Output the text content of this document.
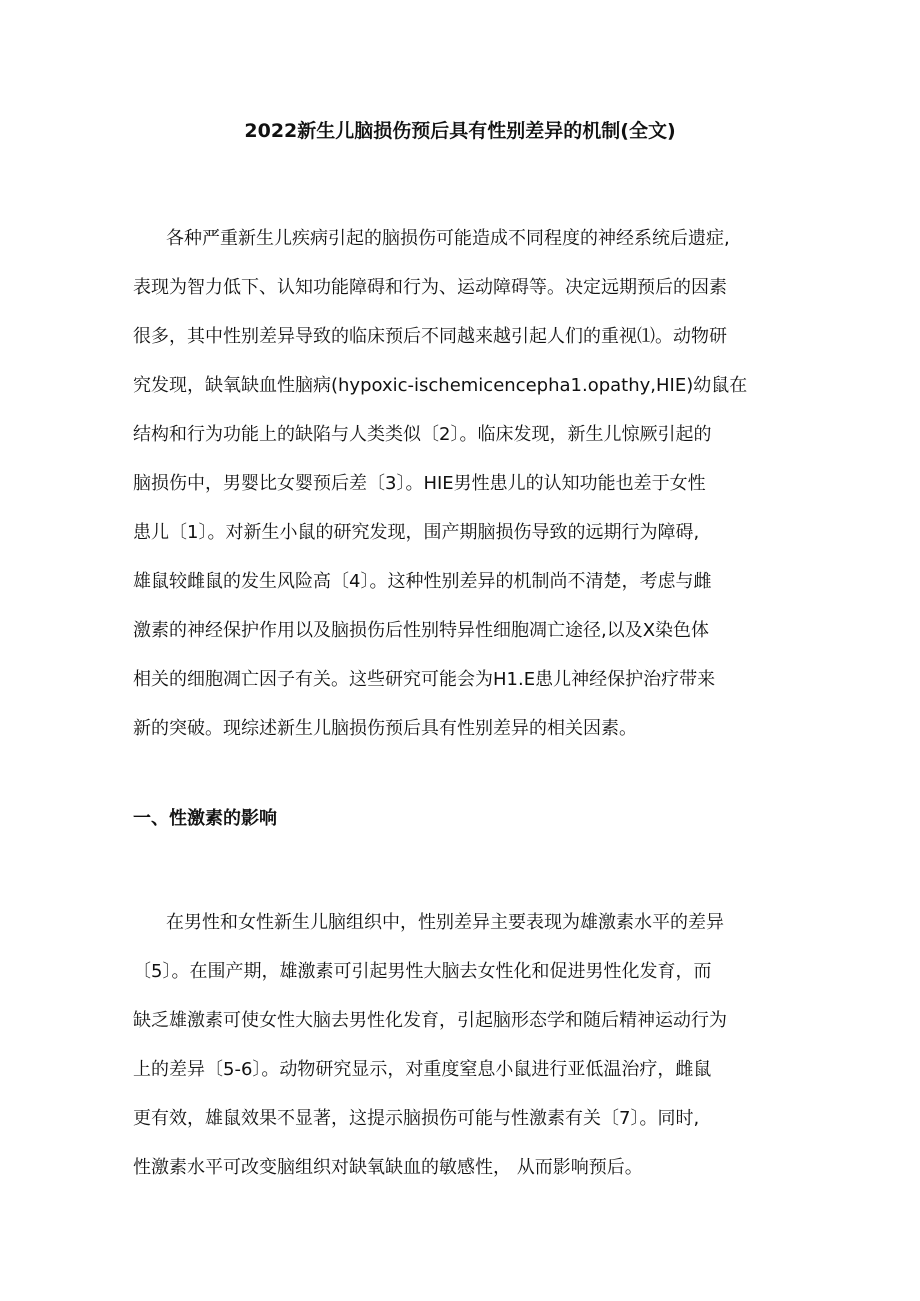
2022新生儿脑损伤预后具有性别差异的机制(全文)
各种严重新生儿疾病引起的脑损伤可能造成不同程度的神经系统后遗症,
表现为智力低下、认知功能障碍和行为、运动障碍等。决定远期预后的因素
很多，其中性别差异导致的临床预后不同越来越引起人们的重视⑴。动物研
究发现，缺氧缺血性脑病(hypoxic-ischemicencepha1.opathy,HIE)幼鼠在
结构和行为功能上的缺陷与人类类似〔2〕。临床发现，新生儿惊厥引起的
脑损伤中，男婴比女婴预后差〔3〕。HIE男性患儿的认知功能也差于女性
患儿〔1〕。对新生小鼠的研究发现，围产期脑损伤导致的远期行为障碍,
雄鼠较雌鼠的发生风险高〔4〕。这种性别差异的机制尚不清楚，考虑与雌
激素的神经保护作用以及脑损伤后性别特异性细胞凋亡途径,以及X染色体
相关的细胞凋亡因子有关。这些研究可能会为H1.E患儿神经保护治疗带来
新的突破。现综述新生儿脑损伤预后具有性别差异的相关因素。
一、性激素的影响
在男性和女性新生儿脑组织中，性别差异主要表现为雄激素水平的差异
〔5〕。在围产期，雄激素可引起男性大脑去女性化和促进男性化发育，而
缺乏雄激素可使女性大脑去男性化发育，引起脑形态学和随后精神运动行为
上的差异〔5-6〕。动物研究显示，对重度窒息小鼠进行亚低温治疗，雌鼠
更有效，雄鼠效果不显著，这提示脑损伤可能与性激素有关〔7〕。同时,
性激素水平可改变脑组织对缺氧缺血的敏感性， 从而影响预后。
